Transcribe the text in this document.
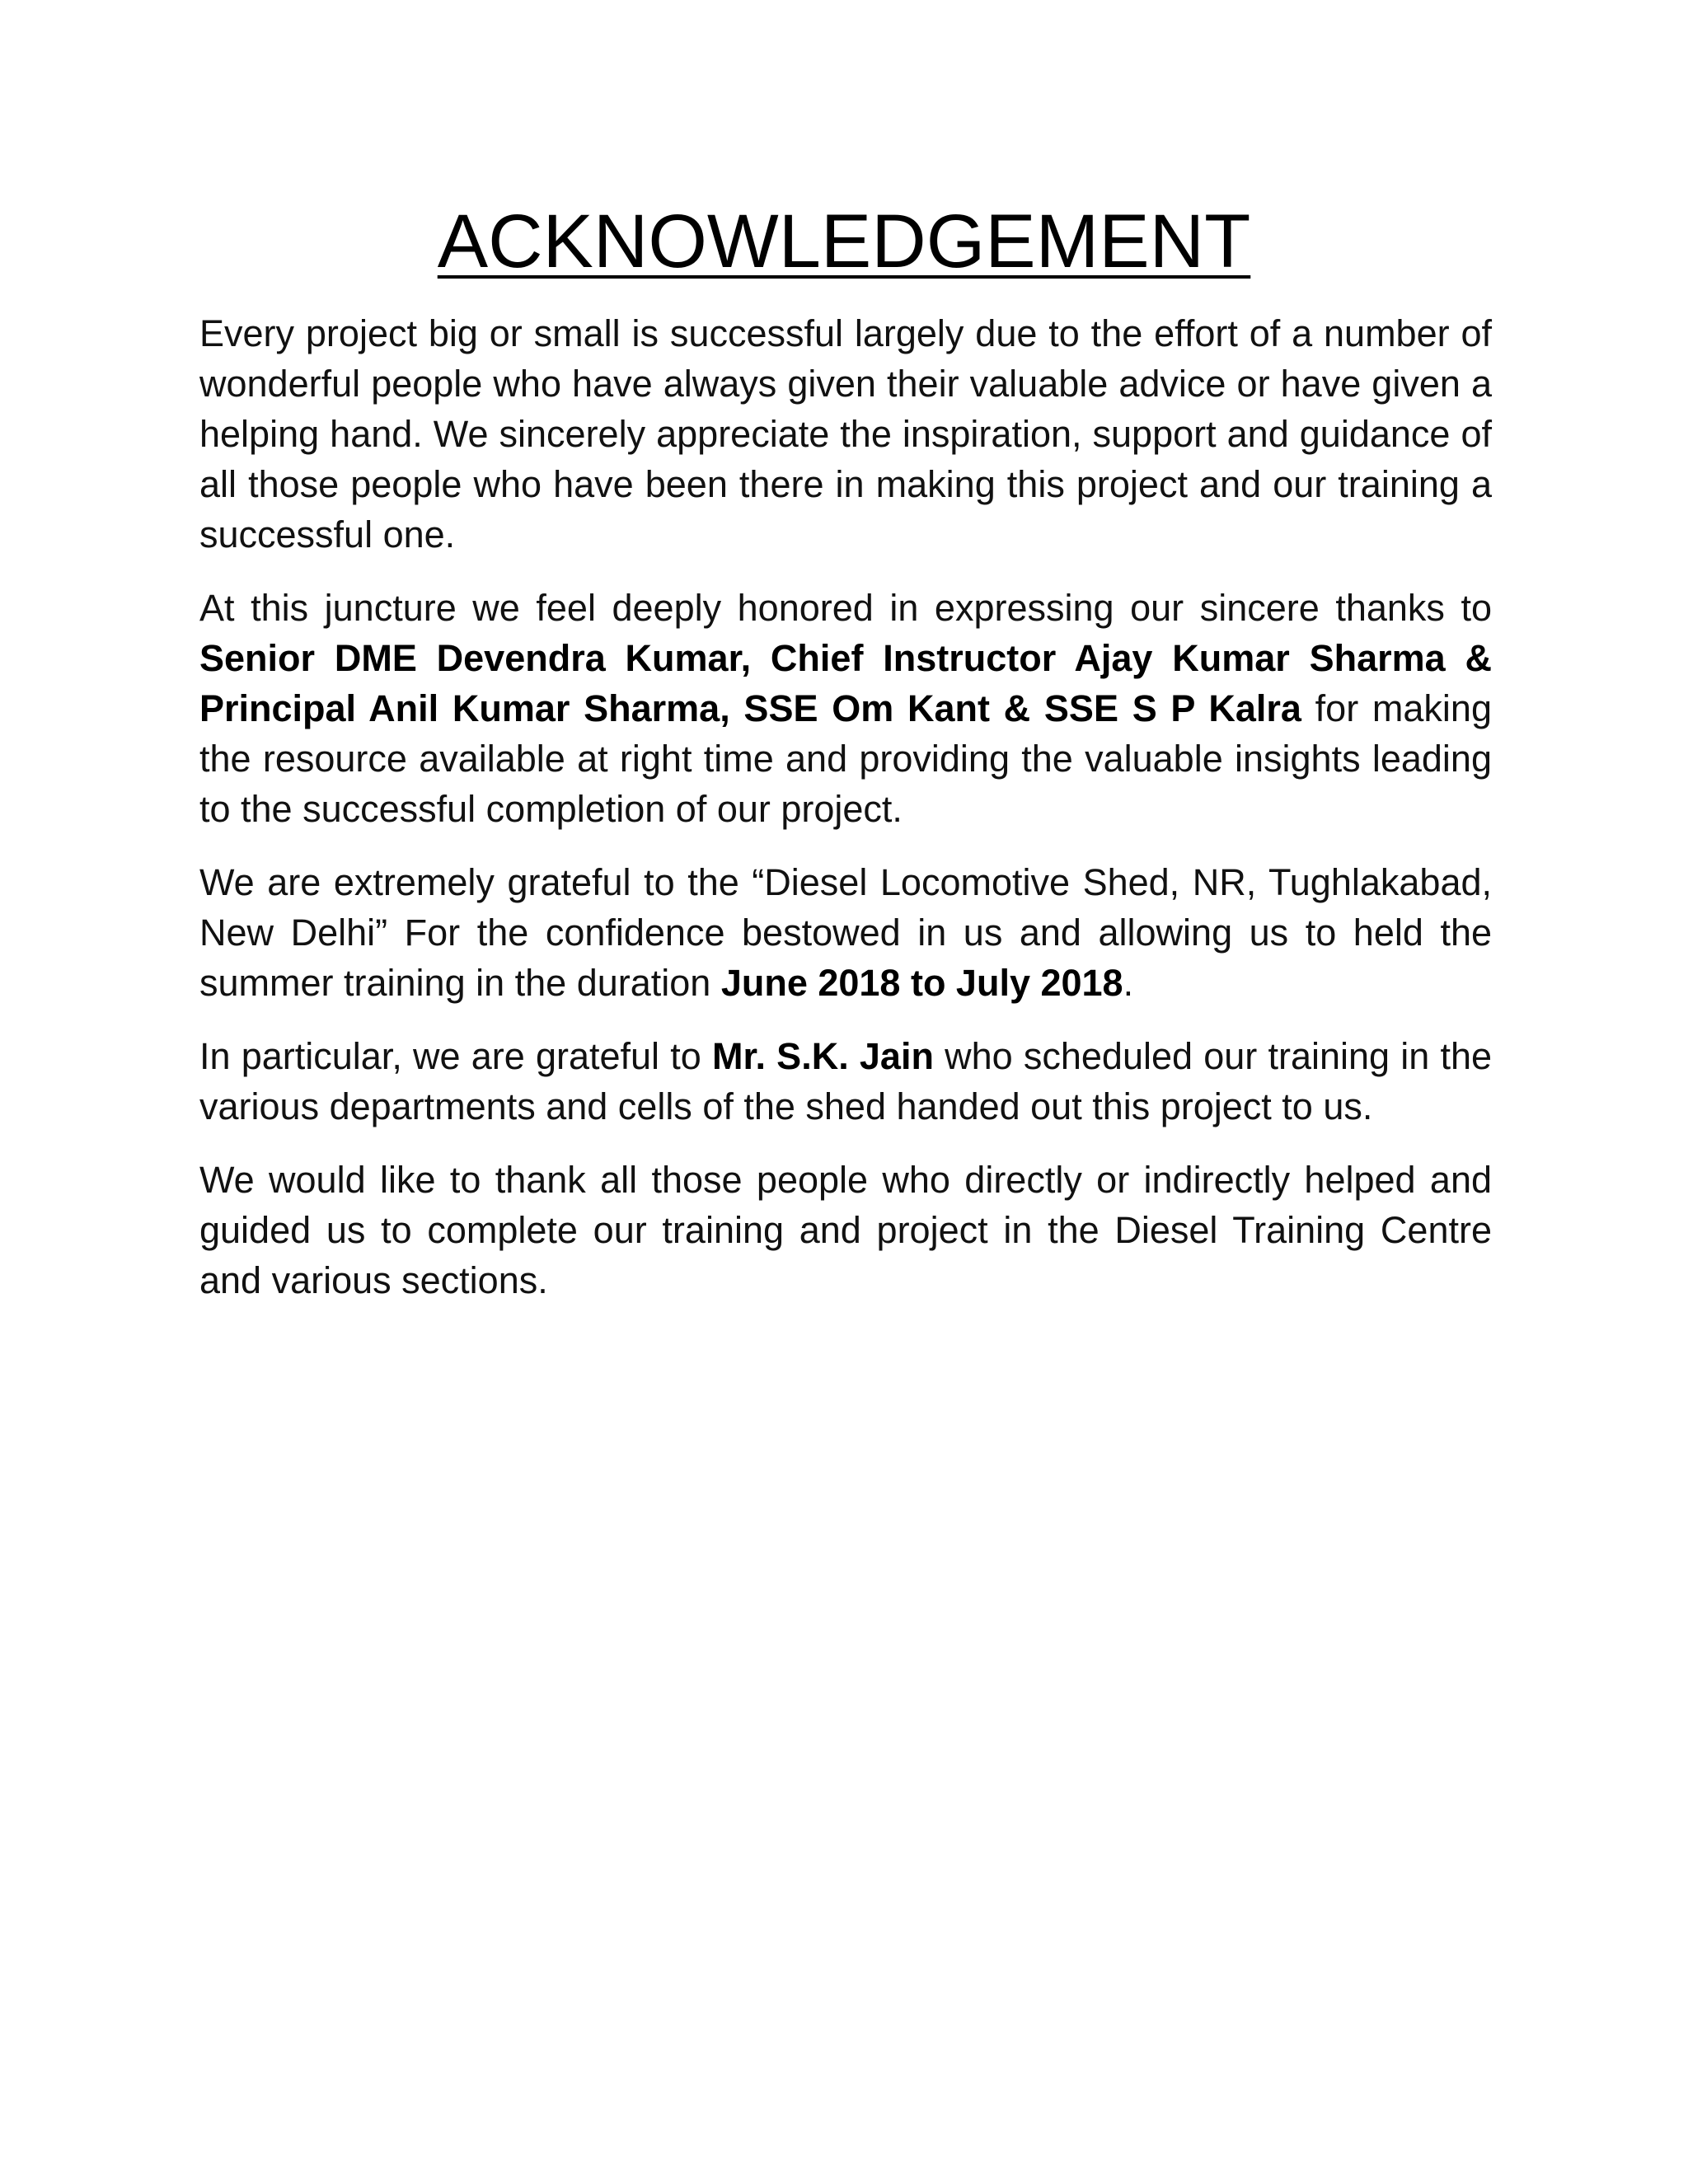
ACKNOWLEDGEMENT

Every project big or small is successful largely due to the effort of a number of wonderful people who have always given their valuable advice or have given a helping hand. We sincerely appreciate the inspiration, support and guidance of all those people who have been there in making this project and our training a successful one.

At this juncture we feel deeply honored in expressing our sincere thanks to Senior DME Devendra Kumar, Chief Instructor Ajay Kumar Sharma & Principal Anil Kumar Sharma, SSE Om Kant & SSE S P Kalra for making the resource available at right time and providing the valuable insights leading to the successful completion of our project.

We are extremely grateful to the “Diesel Locomotive Shed, NR, Tughlakabad, New Delhi” For the confidence bestowed in us and allowing us to held the summer training in the duration June 2018 to July 2018.

In particular, we are grateful to Mr. S.K. Jain who scheduled our training in the various departments and cells of the shed handed out this project to us.

We would like to thank all those people who directly or indirectly helped and guided us to complete our training and project in the Diesel Training Centre and various sections.
